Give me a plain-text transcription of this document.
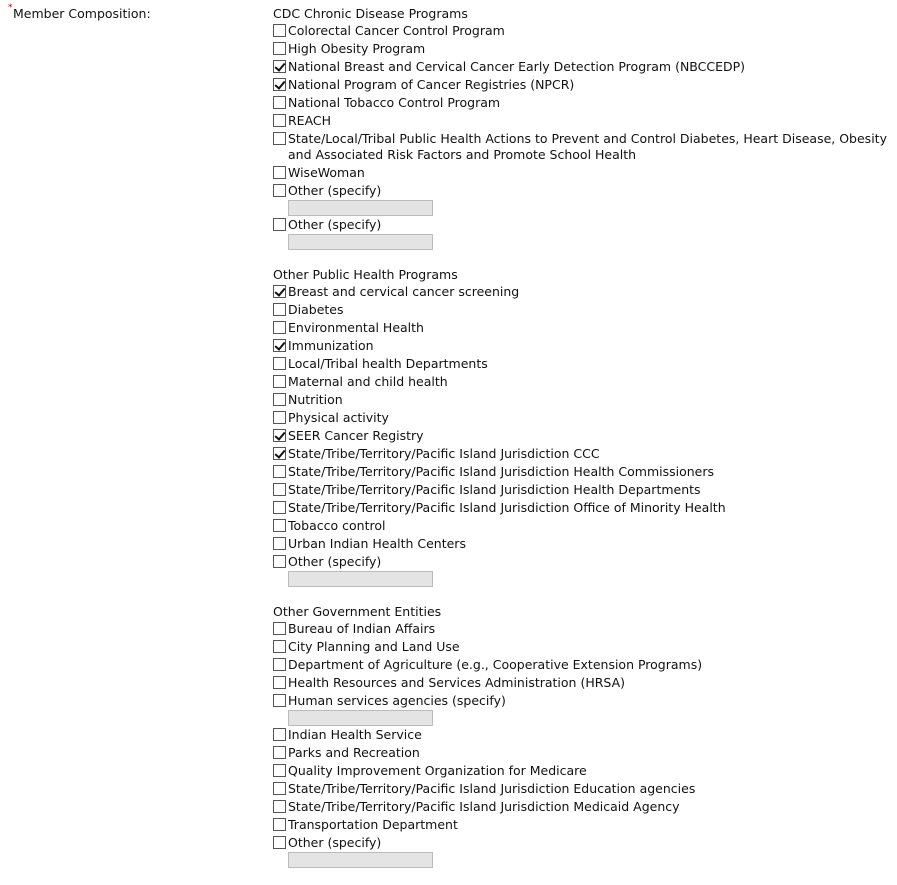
* Member Composition:	CDC Chronic Disease Programs
Colorectal Cancer Control Program
High Obesity Program
National Breast and Cervical Cancer Early Detection Program (NBCCEDP)
National Program of Cancer Registries (NPCR)
National Tobacco Control Program
REACH
State/Local/Tribal Public Health Actions to Prevent and Control Diabetes, Heart Disease, Obesity and Associated Risk Factors and Promote School Health
WiseWoman
Other (specify)
Other (specify)
Other Public Health Programs
Breast and cervical cancer screening
Diabetes
Environmental Health
Immunization
Local/Tribal health Departments
Maternal and child health
Nutrition
Physical activity
SEER Cancer Registry
State/Tribe/Territory/Pacific Island Jurisdiction CCC
State/Tribe/Territory/Pacific Island Jurisdiction Health Commissioners
State/Tribe/Territory/Pacific Island Jurisdiction Health Departments
State/Tribe/Territory/Pacific Island Jurisdiction Office of Minority Health
Tobacco control
Urban Indian Health Centers
Other (specify)
Other Government Entities
Bureau of Indian Affairs
City Planning and Land Use
Department of Agriculture (e.g., Cooperative Extension Programs)
Health Resources and Services Administration (HRSA)
Human services agencies (specify)
Indian Health Service
Parks and Recreation
Quality Improvement Organization for Medicare
State/Tribe/Territory/Pacific Island Jurisdiction Education agencies
State/Tribe/Territory/Pacific Island Jurisdiction Medicaid Agency
Transportation Department
Other (specify)
